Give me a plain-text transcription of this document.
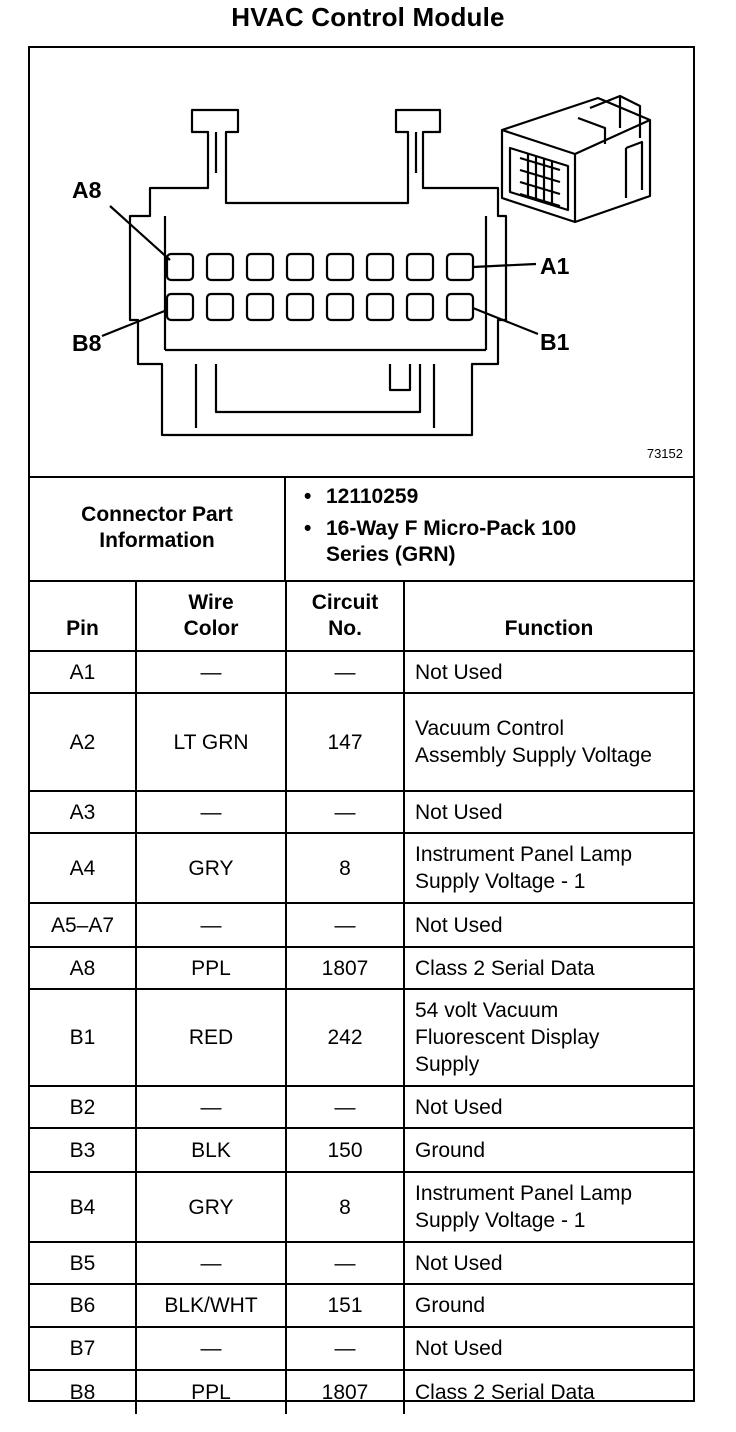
HVAC Control Module
A8
A1
B8	B1
73152
Connector Part Information
• 12110259
• 16-Way F Micro-Pack 100 Series (GRN)
Pin	Wire Color	Circuit No.	Function
A1	—	—	Not Used
A2	LT GRN	147	Vacuum Control Assembly Supply Voltage
A3	—	—	Not Used
A4	GRY	8	Instrument Panel Lamp Supply Voltage - 1
A5–A7	—	—	Not Used
A8	PPL	1807	Class 2 Serial Data
B1	RED	242	54 volt Vacuum Fluorescent Display Supply
B2	—	—	Not Used
B3	BLK	150	Ground
B4	GRY	8	Instrument Panel Lamp Supply Voltage - 1
B5	—	—	Not Used
B6	BLK/WHT	151	Ground
B7	—	—	Not Used
B8	PPL	1807	Class 2 Serial Data
